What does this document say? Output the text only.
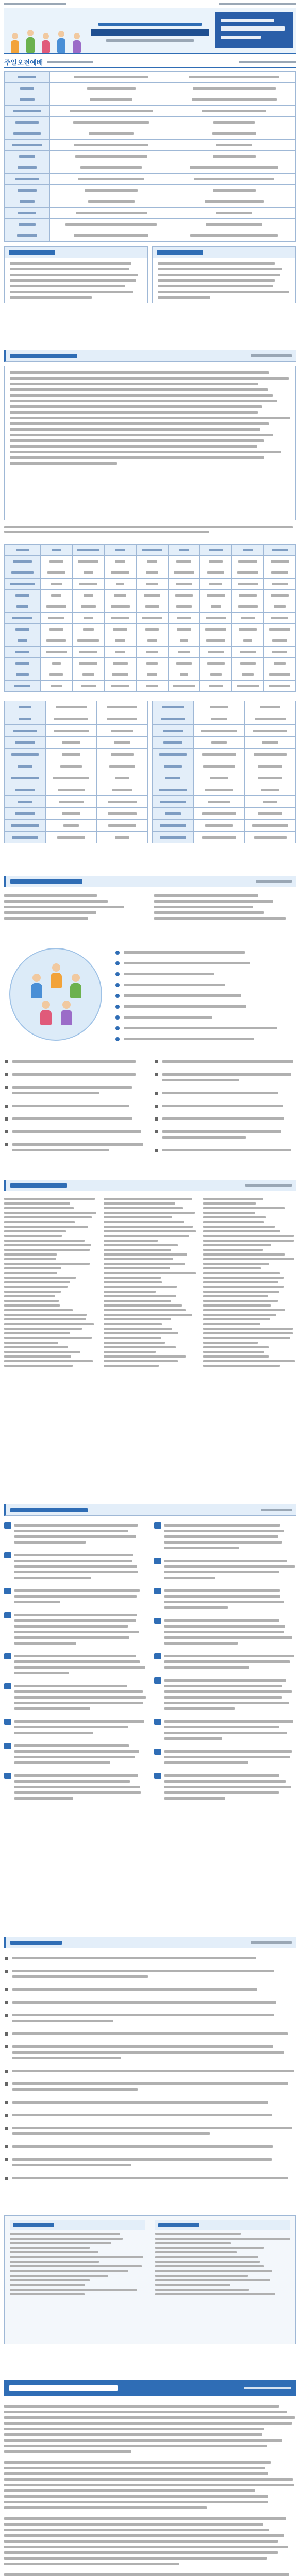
주일오전예배
